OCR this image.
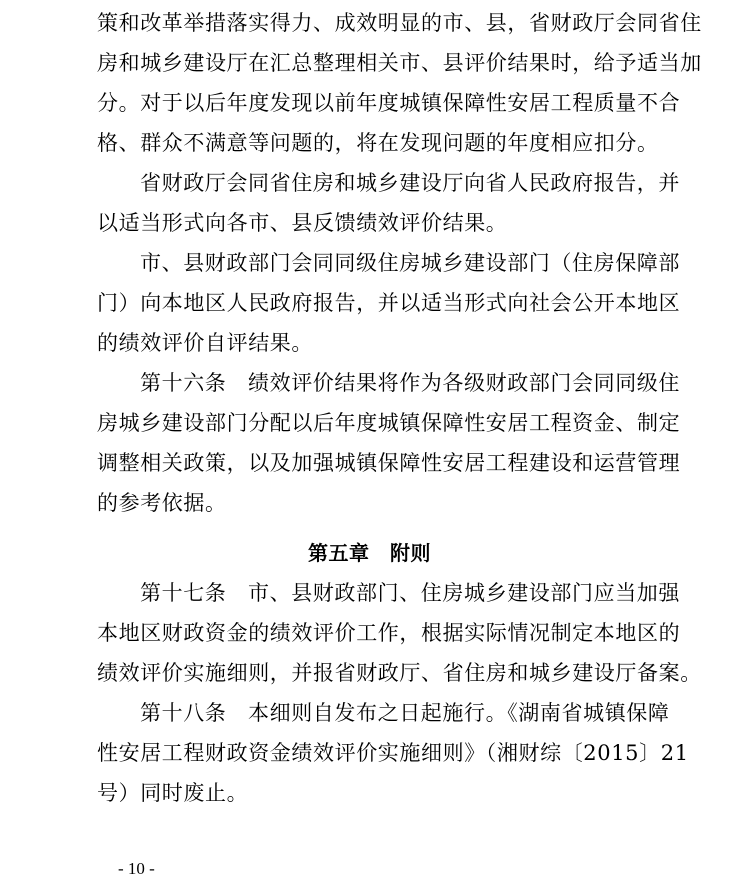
策和改革举措落实得力、成效明显的市、县，省财政厅会同省住
房和城乡建设厅在汇总整理相关市、县评价结果时，给予适当加
分。对于以后年度发现以前年度城镇保障性安居工程质量不合
格、群众不满意等问题的，将在发现问题的年度相应扣分。
省财政厅会同省住房和城乡建设厅向省人民政府报告，并
以适当形式向各市、县反馈绩效评价结果。
市、县财政部门会同同级住房城乡建设部门（住房保障部
门）向本地区人民政府报告，并以适当形式向社会公开本地区
的绩效评价自评结果。
第十六条　绩效评价结果将作为各级财政部门会同同级住
房城乡建设部门分配以后年度城镇保障性安居工程资金、制定
调整相关政策，以及加强城镇保障性安居工程建设和运营管理
的参考依据。
第五章　附则
第十七条　市、县财政部门、住房城乡建设部门应当加强
本地区财政资金的绩效评价工作，根据实际情况制定本地区的
绩效评价实施细则，并报省财政厅、省住房和城乡建设厅备案。
第十八条　本细则自发布之日起施行。《湖南省城镇保障
性安居工程财政资金绩效评价实施细则》（湘财综〔2015〕21
号）同时废止。
- 10 -
